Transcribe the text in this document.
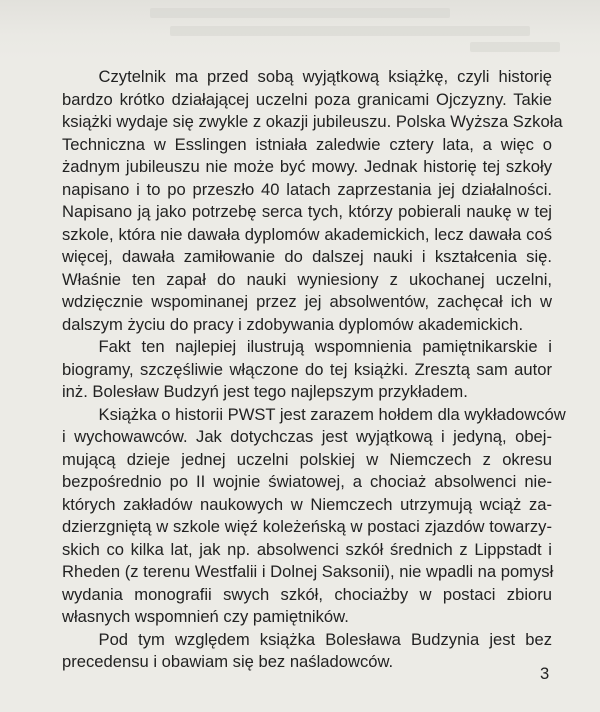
Czytelnik ma przed sobą wyjątkową książkę, czyli historię
bardzo krótko działającej uczelni poza granicami Ojczyzny. Takie
książki wydaje się zwykle z okazji jubileuszu. Polska Wyższa Szkoła
Techniczna w Esslingen istniała zaledwie cztery lata, a więc o
żadnym jubileuszu nie może być mowy. Jednak historię tej szkoły
napisano i to po przeszło 40 latach zaprzestania jej działalności.
Napisano ją jako potrzebę serca tych, którzy pobierali naukę w tej
szkole, która nie dawała dyplomów akademickich, lecz dawała coś
więcej, dawała zamiłowanie do dalszej nauki i kształcenia się.
Właśnie ten zapał do nauki wyniesiony z ukochanej uczelni,
wdzięcznie wspominanej przez jej absolwentów, zachęcał ich w
dalszym życiu do pracy i zdobywania dyplomów akademickich.
Fakt ten najlepiej ilustrują wspomnienia pamiętnikarskie i
biogramy, szczęśliwie włączone do tej książki. Zresztą sam autor
inż. Bolesław Budzyń jest tego najlepszym przykładem.
Książka o historii PWST jest zarazem hołdem dla wykładowców
i wychowawców. Jak dotychczas jest wyjątkową i jedyną, obej-
mującą dzieje jednej uczelni polskiej w Niemczech z okresu
bezpośrednio po II wojnie światowej, a chociaż absolwenci nie-
których zakładów naukowych w Niemczech utrzymują wciąż za-
dzierzgniętą w szkole więź koleżeńską w postaci zjazdów towarzy-
skich co kilka lat, jak np. absolwenci szkół średnich z Lippstadt i
Rheden (z terenu Westfalii i Dolnej Saksonii), nie wpadli na pomysł
wydania monografii swych szkół, chociażby w postaci zbioru
własnych wspomnień czy pamiętników.
Pod tym względem książka Bolesława Budzynia jest bez
precedensu i obawiam się bez naśladowców.
3
